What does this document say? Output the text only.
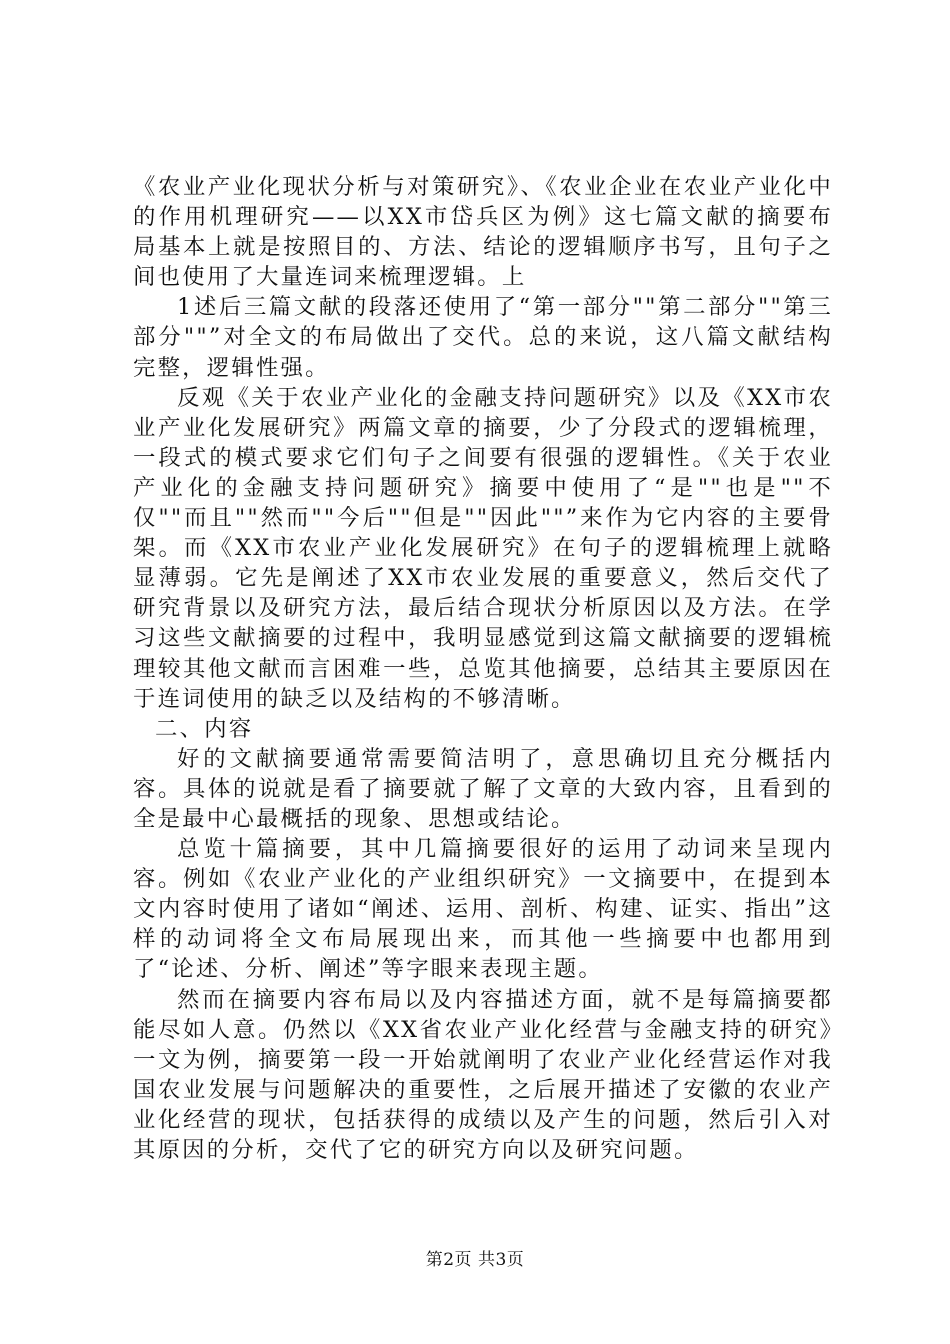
《农业产业化现状分析与对策研究》、《农业企业在农业产业化中的作用机理研究——以XX市岱兵区为例》这七篇文献的摘要布局基本上就是按照目的、方法、结论的逻辑顺序书写，且句子之间也使用了大量连词来梳理逻辑。上

1述后三篇文献的段落还使用了“第一部分""第二部分""第三部分""”对全文的布局做出了交代。总的来说，这八篇文献结构完整，逻辑性强。

反观《关于农业产业化的金融支持问题研究》以及《XX市农业产业化发展研究》两篇文章的摘要，少了分段式的逻辑梳理，一段式的模式要求它们句子之间要有很强的逻辑性。《关于农业产业化的金融支持问题研究》摘要中使用了“是""也是""不仅""而且""然而""今后""但是""因此""”来作为它内容的主要骨架。而《XX市农业产业化发展研究》在句子的逻辑梳理上就略显薄弱。它先是阐述了XX市农业发展的重要意义，然后交代了研究背景以及研究方法，最后结合现状分析原因以及方法。在学习这些文献摘要的过程中，我明显感觉到这篇文献摘要的逻辑梳理较其他文献而言困难一些，总览其他摘要，总结其主要原因在于连词使用的缺乏以及结构的不够清晰。

二、内容

好的文献摘要通常需要简洁明了，意思确切且充分概括内容。具体的说就是看了摘要就了解了文章的大致内容，且看到的全是最中心最概括的现象、思想或结论。

总览十篇摘要，其中几篇摘要很好的运用了动词来呈现内容。例如《农业产业化的产业组织研究》一文摘要中，在提到本文内容时使用了诸如“阐述、运用、剖析、构建、证实、指出”这样的动词将全文布局展现出来，而其他一些摘要中也都用到了“论述、分析、阐述”等字眼来表现主题。

然而在摘要内容布局以及内容描述方面，就不是每篇摘要都能尽如人意。仍然以《XX省农业产业化经营与金融支持的研究》一文为例，摘要第一段一开始就阐明了农业产业化经营运作对我国农业发展与问题解决的重要性，之后展开描述了安徽的农业产业化经营的现状，包括获得的成绩以及产生的问题，然后引入对其原因的分析，交代了它的研究方向以及研究问题。

第2页 共3页
